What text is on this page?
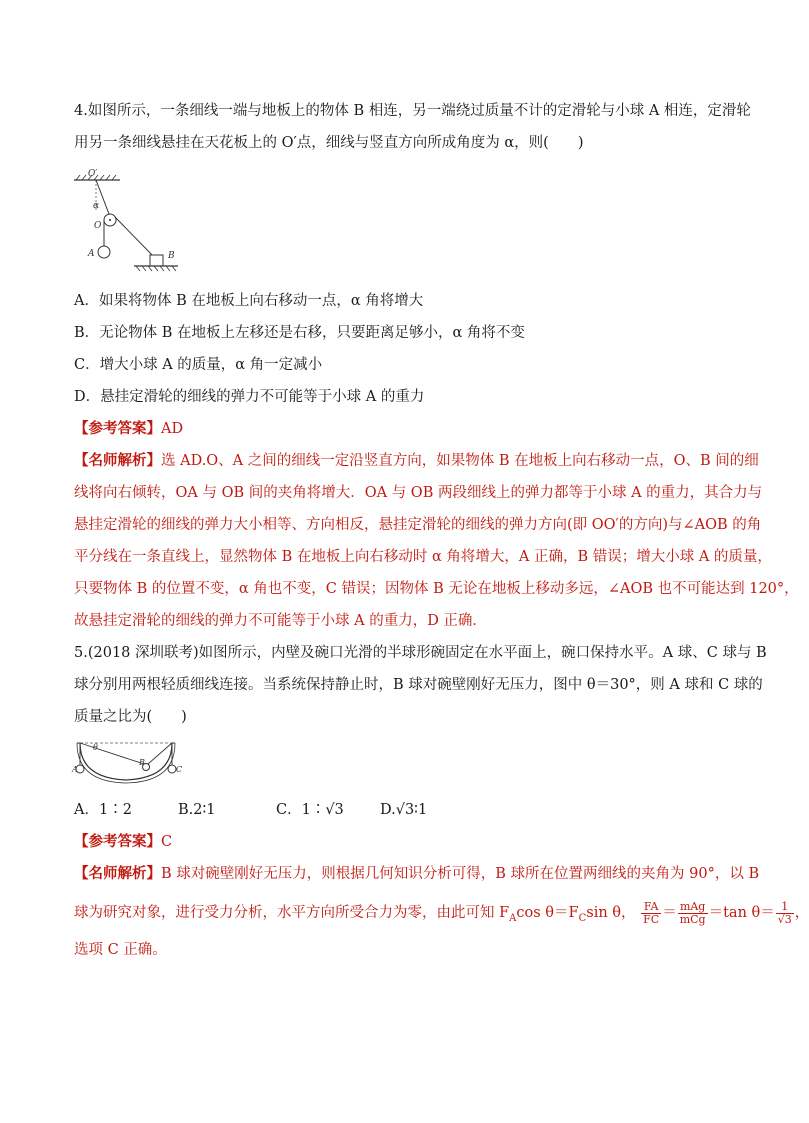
4.如图所示，一条细线一端与地板上的物体 B 相连，另一端绕过质量不计的定滑轮与小球 A 相连，定滑轮
用另一条细线悬挂在天花板上的 O′点，细线与竖直方向所成角度为 α，则(　　)
O′
α
O
A	B
A．如果将物体 B 在地板上向右移动一点，α 角将增大
B．无论物体 B 在地板上左移还是右移，只要距离足够小，α 角将不变
C．增大小球 A 的质量，α 角一定减小
D．悬挂定滑轮的细线的弹力不可能等于小球 A 的重力
【参考答案】AD
【名师解析】选 AD.O、A 之间的细线一定沿竖直方向，如果物体 B 在地板上向右移动一点，O、B 间的细
线将向右倾转，OA 与 OB 间的夹角将增大．OA 与 OB 两段细线上的弹力都等于小球 A 的重力，其合力与
悬挂定滑轮的细线的弹力大小相等、方向相反，悬挂定滑轮的细线的弹力方向(即 OO′的方向)与∠AOB 的角
平分线在一条直线上，显然物体 B 在地板上向右移动时 α 角将增大，A 正确，B 错误；增大小球 A 的质量，
只要物体 B 的位置不变，α 角也不变，C 错误；因物体 B 无论在地板上移动多远，∠AOB 也不可能达到 120°，
故悬挂定滑轮的细线的弹力不可能等于小球 A 的重力，D 正确．
5.(2018 深圳联考)如图所示，内壁及碗口光滑的半球形碗固定在水平面上，碗口保持水平。A 球、C 球与 B
球分别用两根轻质细线连接。当系统保持静止时，B 球对碗壁刚好无压力，图中 θ＝30°，则 A 球和 C 球的
质量之比为(　　)
θ
A
B
C
A．1∶2	B.2∶1	C．1∶√3 D.√3∶1
【参考答案】C
【名师解析】B 球对碗壁刚好无压力，则根据几何知识分析可得，B 球所在位置两细线的夹角为 90°，以 B
球为研究对象，进行受力分析，水平方向所受合力为零，由此可知 $F_A\cos$ $\theta=F_C\sin$ θ， $\frac{FA}{FC} = \frac{\text{mAg}}{\text{mCg}} =\tan$ $\theta= \frac{1}{√3}$ ，
选项 C 正确。
